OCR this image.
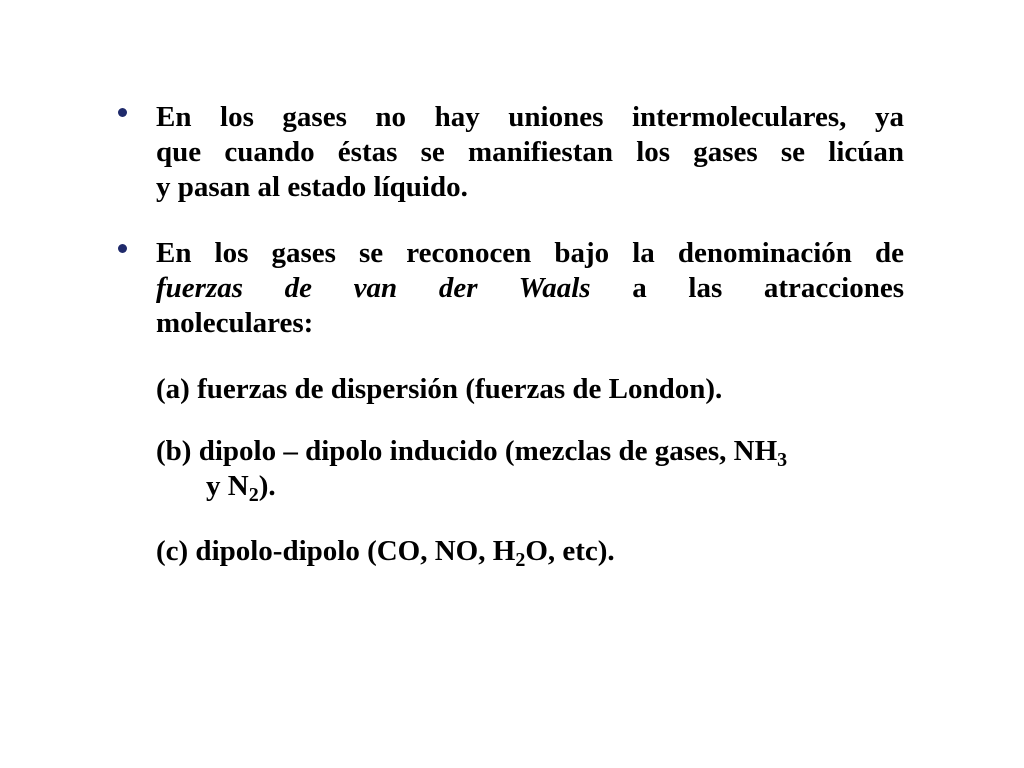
En los gases no hay uniones intermoleculares, ya
que cuando éstas se manifiestan los gases se licúan
y pasan al estado líquido.
En los gases se reconocen bajo la denominación de
fuerzas de van der Waals a las atracciones
moleculares:
(a) fuerzas de dispersión (fuerzas de London).
(b) dipolo – dipolo inducido (mezclas de gases, $NH_3$
y $N_2$).
(c) dipolo-dipolo (CO, NO, $H_2O$, etc).
